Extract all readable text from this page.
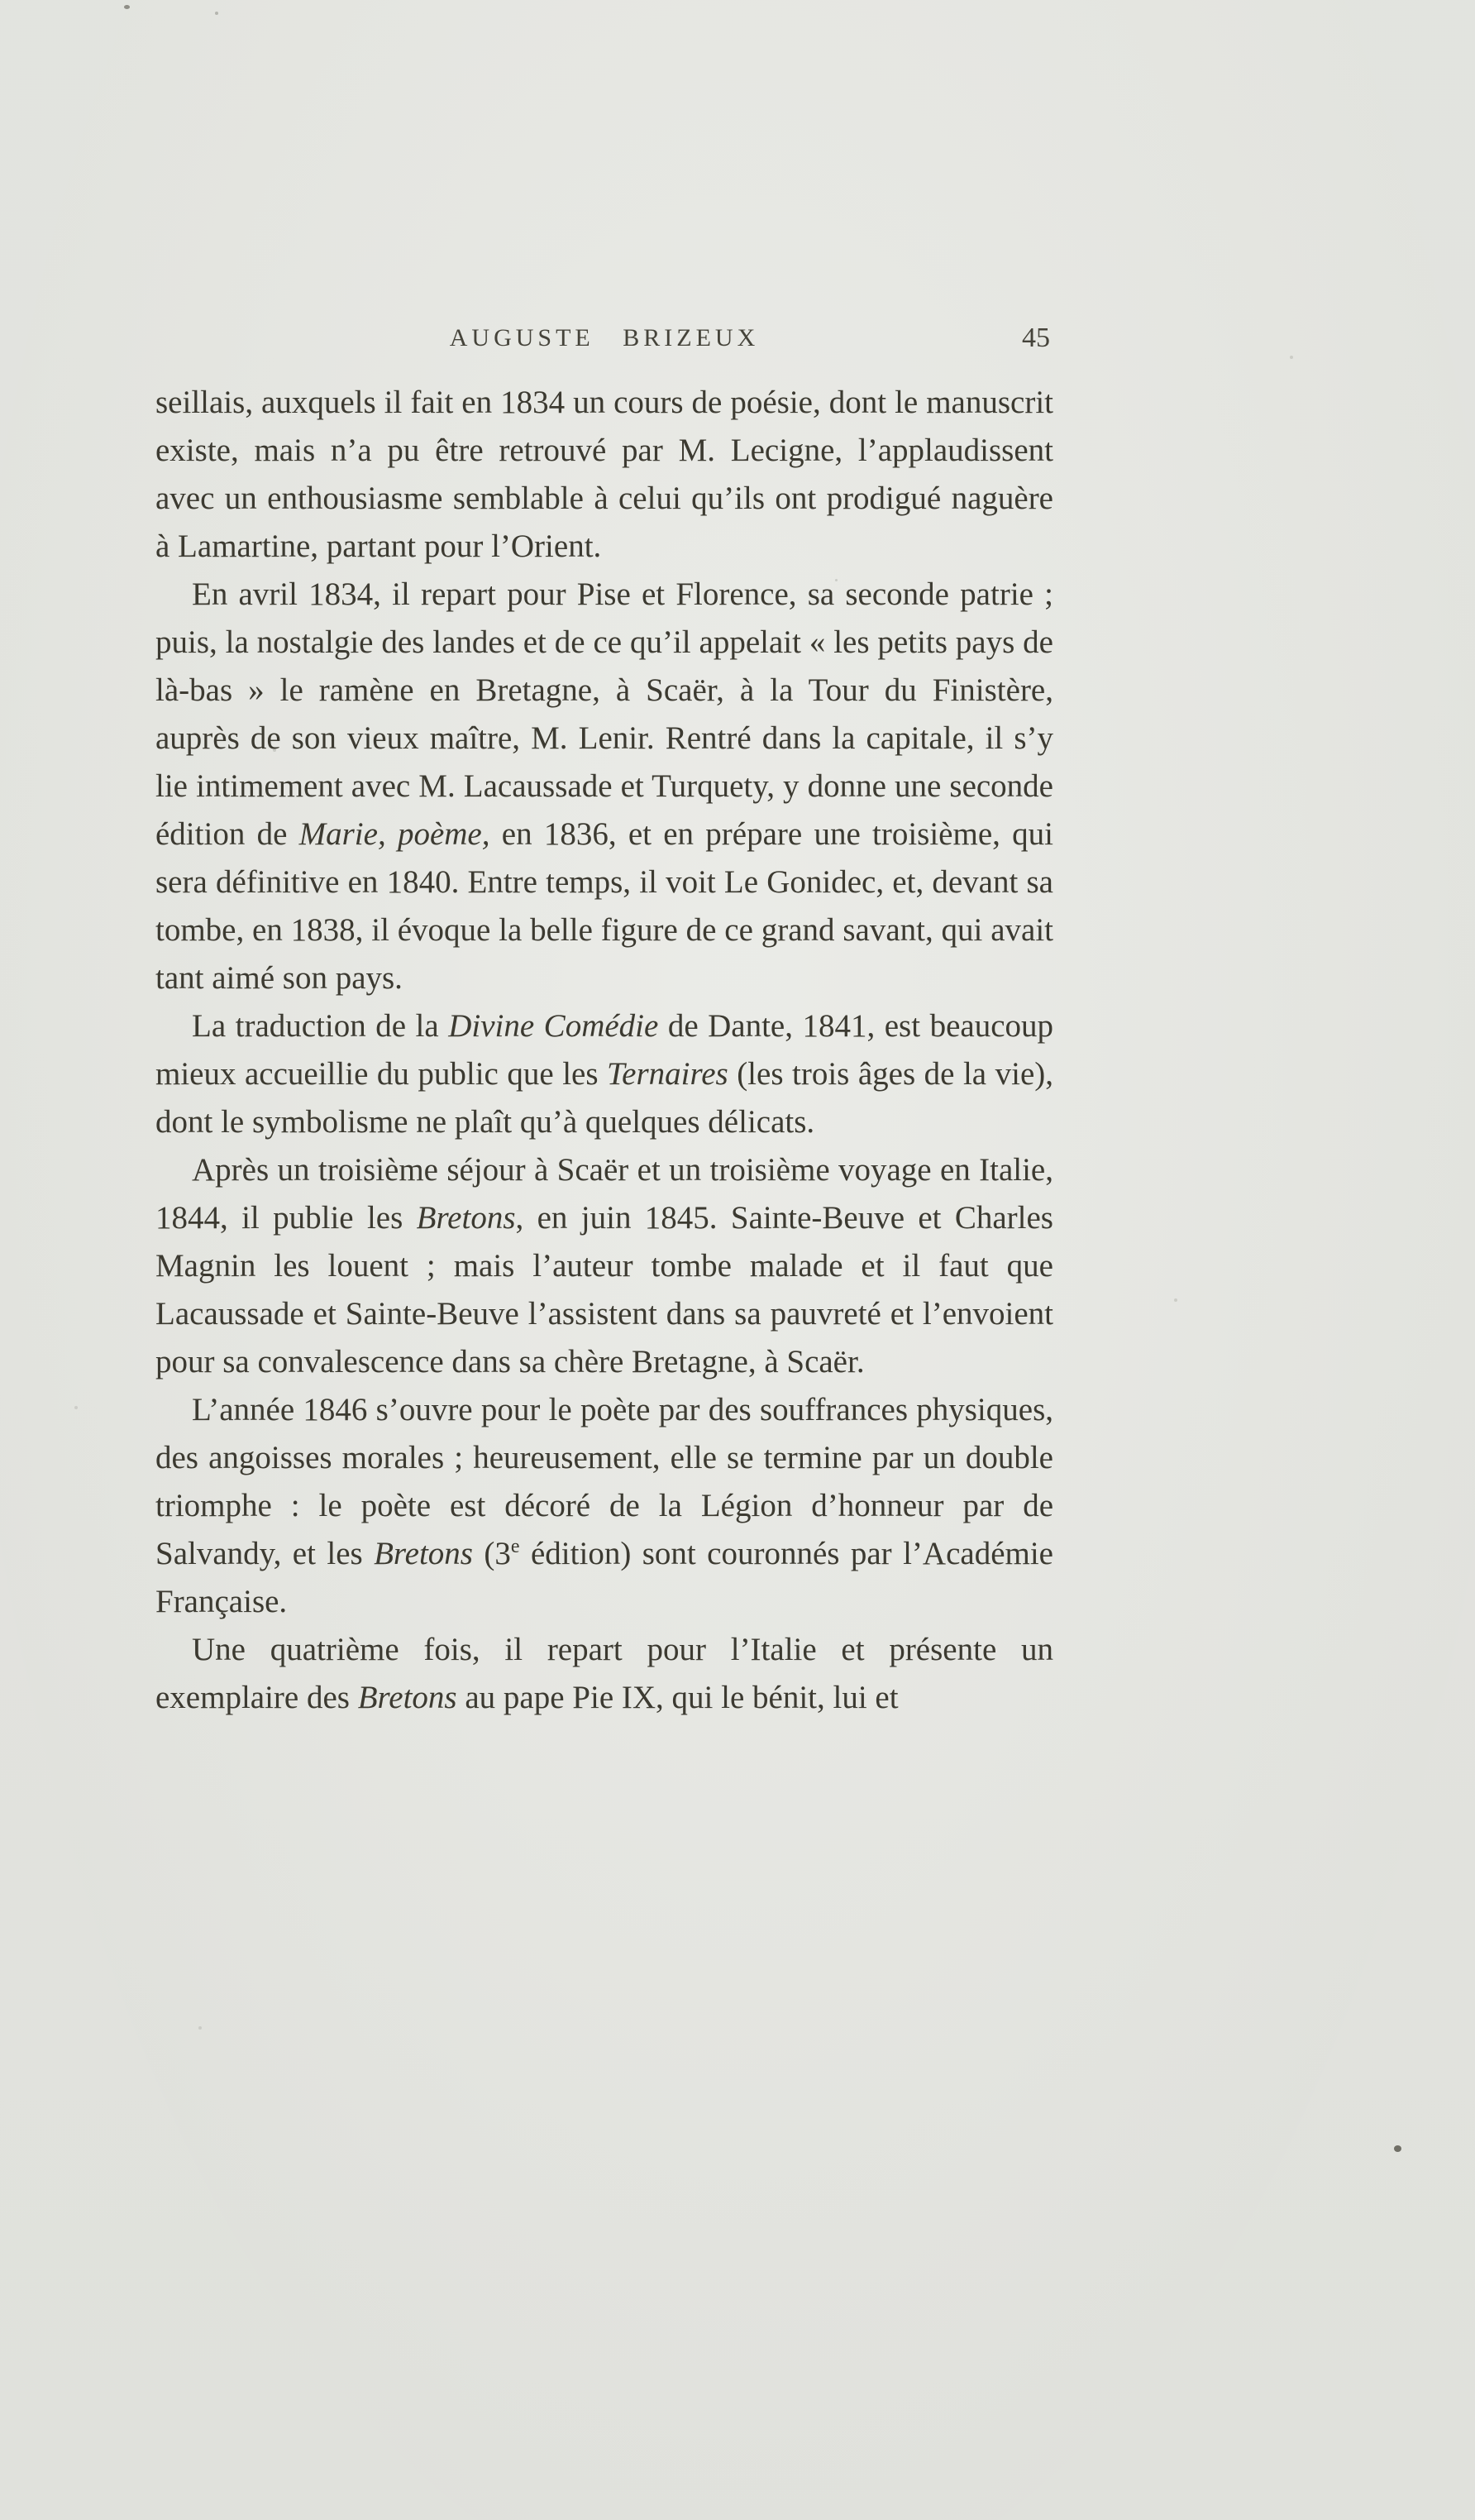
AUGUSTE BRIZEUX	45

seillais, auxquels il fait en 1834 un cours de poésie, dont le manuscrit existe, mais n’a pu être retrouvé par M. Lecigne, l’applaudissent avec un enthousiasme semblable à celui qu’ils ont prodigué naguère à Lamartine, partant pour l’Orient.

En avril 1834, il repart pour Pise et Florence, sa seconde patrie ; puis, la nostalgie des landes et de ce qu’il appelait « les petits pays de là-bas » le ramène en Bretagne, à Scaër, à la Tour du Finistère, auprès de son vieux maître, M. Lenir. Rentré dans la capitale, il s’y lie intimement avec M. Lacaussade et Turquety, y donne une seconde édition de Marie, poème, en 1836, et en prépare une troisième, qui sera définitive en 1840. Entre temps, il voit Le Gonidec, et, devant sa tombe, en 1838, il évoque la belle figure de ce grand savant, qui avait tant aimé son pays.

La traduction de la Divine Comédie de Dante, 1841, est beaucoup mieux accueillie du public que les Ternaires (les trois âges de la vie), dont le symbolisme ne plaît qu’à quelques délicats.

Après un troisième séjour à Scaër et un troisième voyage en Italie, 1844, il publie les Bretons, en juin 1845. Sainte-Beuve et Charles Magnin les louent ; mais l’auteur tombe malade et il faut que Lacaussade et Sainte-Beuve l’assistent dans sa pauvreté et l’envoient pour sa convalescence dans sa chère Bretagne, à Scaër.

L’année 1846 s’ouvre pour le poète par des souffrances physiques, des angoisses morales ; heureusement, elle se termine par un double triomphe : le poète est décoré de la Légion d’honneur par de Salvandy, et les Bretons (3e édition) sont couronnés par l’Académie Française.

Une quatrième fois, il repart pour l’Italie et présente un exemplaire des Bretons au pape Pie IX, qui le bénit, lui et
